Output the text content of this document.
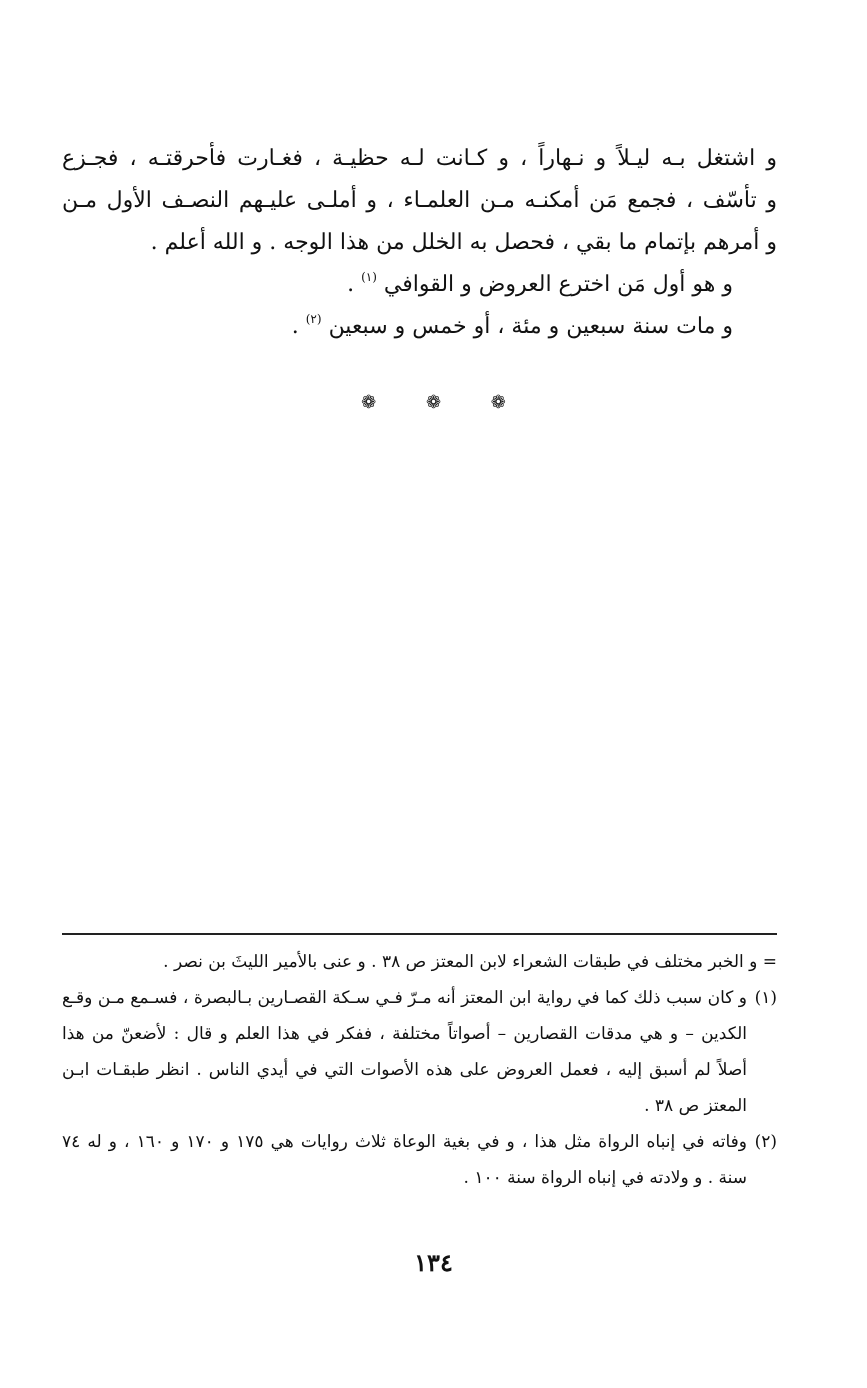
و اشتغل بـه ليـلاً و نـهاراً ، و كـانت لـه حظيـة ، فغـارت فأحرقتـه ، فجـزع
و تأسّف ، فجمع مَن أمكنـه مـن العلمـاء ، و أملـى عليـهم النصـف الأول مـن
و أمرهم بإتمام ما بقي ، فحصل به الخلل من هذا الوجه . و الله أعلم .
و هو أول مَن اخترع العروض و القوافي $^{(١)}$ .
و مات سنة سبعين و مئة ، أو خمس و سبعين $^{(٢)}$ .
❁ ❁ ❁
= و الخبر مختلف في طبقات الشعراء لابن المعتز ص ٣٨ . و عنى بالأمير الليثَ بن نصر .
(١)و كان سبب ذلك كما في رواية ابن المعتز أنه مـرّ فـي سـكة القصـارين بـالبصرة ، فسـمع مـن وقـع
الكدين – و هي مدقات القصارين – أصواتاً مختلفة ، ففكر في هذا العلم و قال : لأضعنّ من هذا
أصلاً لم أسبق إليه ، فعمل العروض على هذه الأصوات التي في أيدي الناس . انظر طبقـات ابـن
المعتز ص ٣٨ .
(٢)وفاته في إنباه الرواة مثل هذا ، و في بغية الوعاة ثلاث روايات هي ١٧٥ و ١٧٠ و ١٦٠ ، و له ٧٤
سنة . و ولادته في إنباه الرواة سنة ١٠٠ .
١٣٤
